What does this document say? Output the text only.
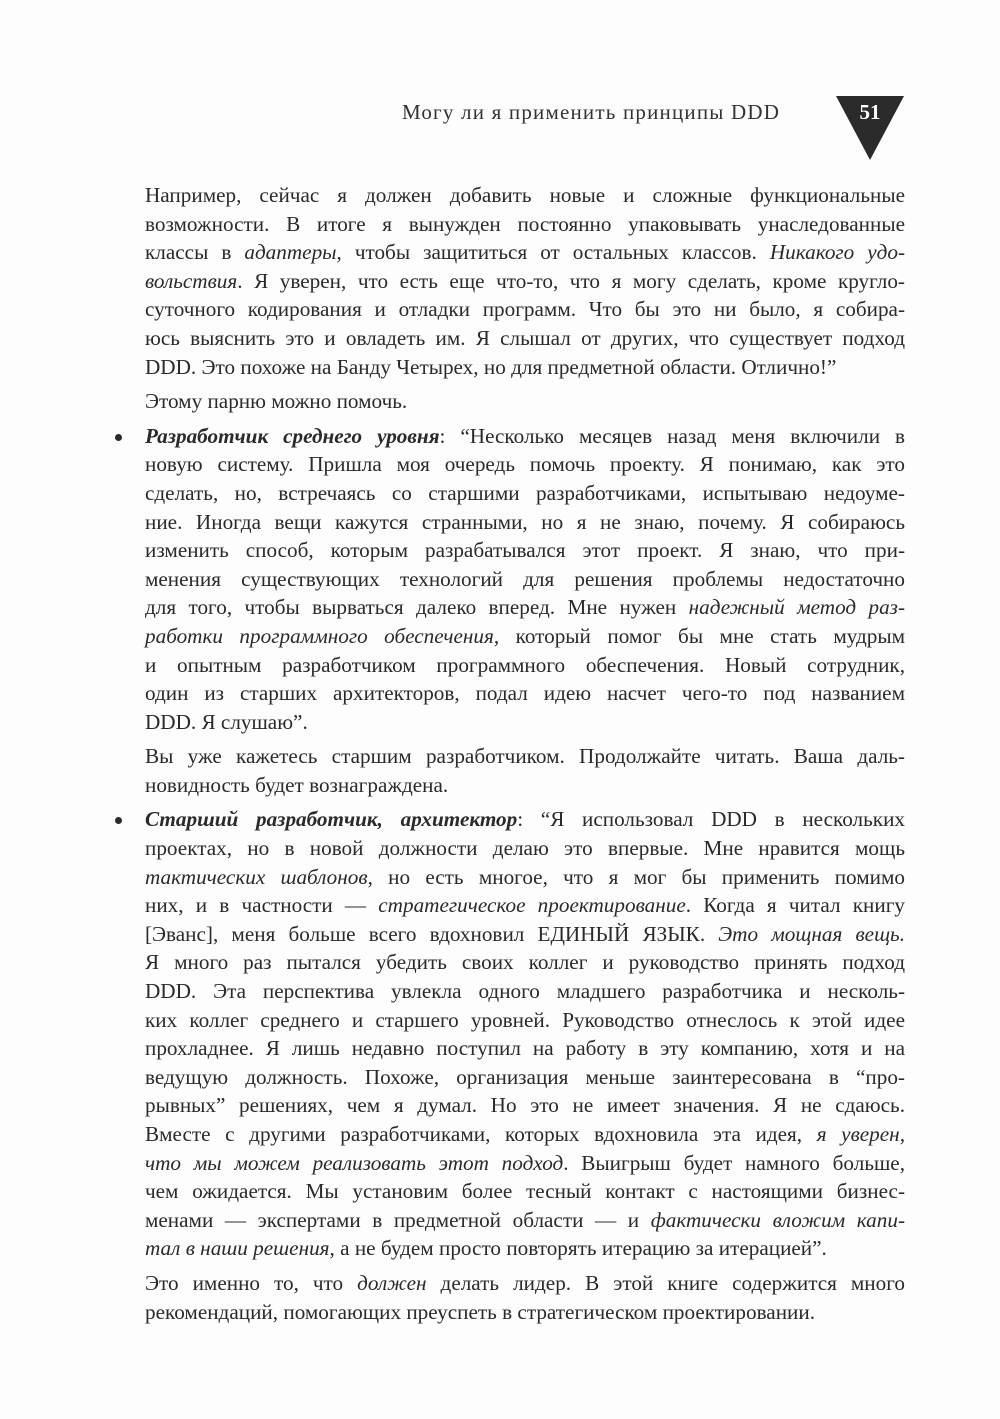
Могу ли я применить принципы DDD	51
Например, сейчас я должен добавить новые и сложные функциональные
возможности. В итоге я вынужден постоянно упаковывать унаследованные
классы в адаптеры, чтобы защититься от остальных классов. Никакого удо-
вольствия. Я уверен, что есть еще что-то, что я могу сделать, кроме кругло-
суточного кодирования и отладки программ. Что бы это ни было, я собира-
юсь выяснить это и овладеть им. Я слышал от других, что существует подход
DDD. Это похоже на Банду Четырех, но для предметной области. Отлично!”
Этому парню можно помочь.
Разработчик среднего уровня: “Несколько месяцев назад меня включили в
новую систему. Пришла моя очередь помочь проекту. Я понимаю, как это
сделать, но, встречаясь со старшими разработчиками, испытываю недоуме-
ние. Иногда вещи кажутся странными, но я не знаю, почему. Я собираюсь
изменить способ, которым разрабатывался этот проект. Я знаю, что при-
менения существующих технологий для решения проблемы недостаточно
для того, чтобы вырваться далеко вперед. Мне нужен надежный метод раз-
работки программного обеспечения, который помог бы мне стать мудрым
и опытным разработчиком программного обеспечения. Новый сотрудник,
один из старших архитекторов, подал идею насчет чего-то под названием
DDD. Я слушаю”.
Вы уже кажетесь старшим разработчиком. Продолжайте читать. Ваша даль-
новидность будет вознаграждена.
Старший разработчик, архитектор: “Я использовал DDD в нескольких
проектах, но в новой должности делаю это впервые. Мне нравится мощь
тактических шаблонов, но есть многое, что я мог бы применить помимо
них, и в частности — стратегическое проектирование. Когда я читал книгу
[Эванс], меня больше всего вдохновил ЕДИНЫЙ ЯЗЫК. Это мощная вещь.
Я много раз пытался убедить своих коллег и руководство принять подход
DDD. Эта перспектива увлекла одного младшего разработчика и несколь-
ких коллег среднего и старшего уровней. Руководство отнеслось к этой идее
прохладнее. Я лишь недавно поступил на работу в эту компанию, хотя и на
ведущую должность. Похоже, организация меньше заинтересована в “про-
рывных” решениях, чем я думал. Но это не имеет значения. Я не сдаюсь.
Вместе с другими разработчиками, которых вдохновила эта идея, я уверен,
что мы можем реализовать этот подход. Выигрыш будет намного больше,
чем ожидается. Мы установим более тесный контакт с настоящими бизнес-
менами — экспертами в предметной области — и фактически вложим капи-
тал в наши решения, а не будем просто повторять итерацию за итерацией”.
Это именно то, что должен делать лидер. В этой книге содержится много
рекомендаций, помогающих преуспеть в стратегическом проектировании.
